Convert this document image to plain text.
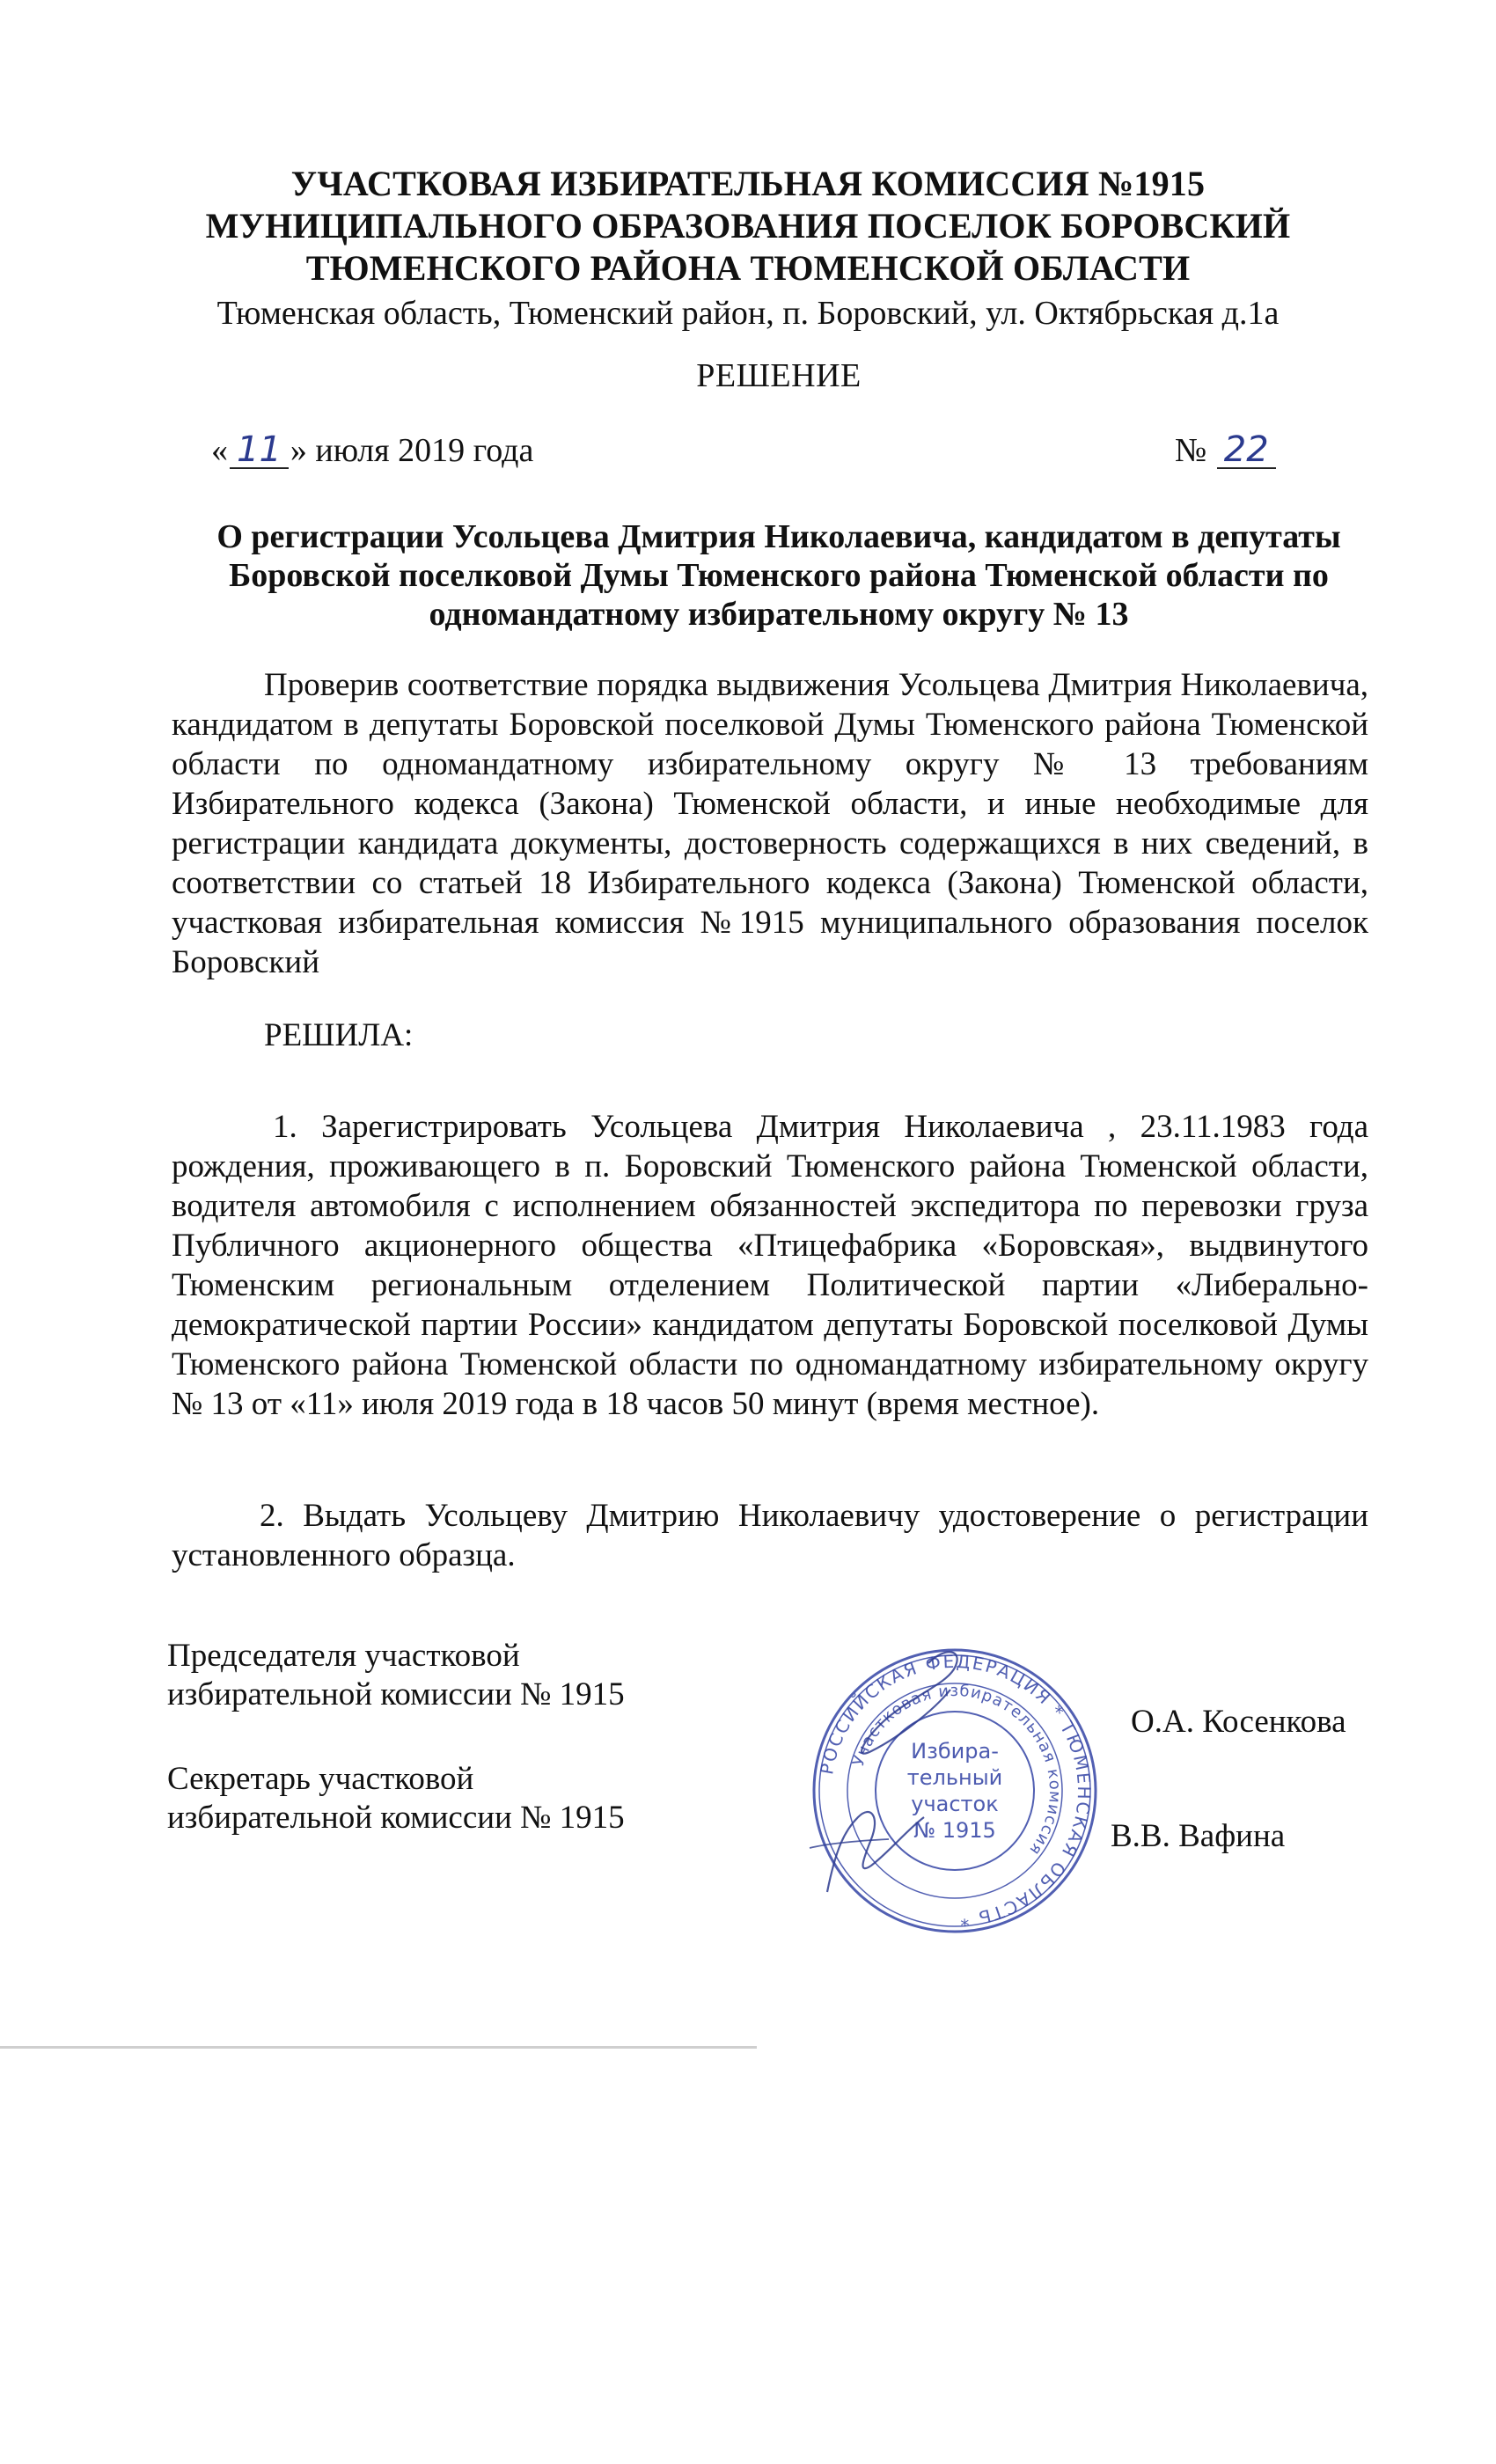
УЧАСТКОВАЯ ИЗБИРАТЕЛЬНАЯ КОМИССИЯ №1915
МУНИЦИПАЛЬНОГО ОБРАЗОВАНИЯ ПОСЕЛОК БОРОВСКИЙ
ТЮМЕНСКОГО РАЙОНА ТЮМЕНСКОЙ ОБЛАСТИ
Тюменская область, Тюменский район, п. Боровский, ул. Октябрьская д.1а
РЕШЕНИЕ
« 11 » июля 2019 года	№ 22
О регистрации Усольцева Дмитрия Николаевича, кандидатом в депутаты Боровской поселковой Думы Тюменского района Тюменской области по одномандатному избирательному округу № 13
Проверив соответствие порядка выдвижения Усольцева Дмитрия Николаевича, кандидатом в депутаты Боровской поселковой Думы Тюменского района Тюменской области по одномандатному избирательному округу № 13 требованиям Избирательного кодекса (Закона) Тюменской области, и иные необходимые для регистрации кандидата документы, достоверность содержащихся в них сведений, в соответствии со статьей 18 Избирательного кодекса (Закона) Тюменской области, участковая избирательная комиссия №1915 муниципального образования поселок Боровский
РЕШИЛА:
1. Зарегистрировать Усольцева Дмитрия Николаевича , 23.11.1983 года рождения, проживающего в п. Боровский Тюменского района Тюменской области, водителя автомобиля с исполнением обязанностей экспедитора по перевозки груза Публичного акционерного общества «Птицефабрика «Боровская», выдвинутого Тюменским региональным отделением Политической партии «Либерально-демократической партии России» кандидатом депутаты Боровской поселковой Думы Тюменского района Тюменской области по одномандатному избирательному округу № 13 от «11» июля 2019 года в 18 часов 50 минут (время местное).
2. Выдать Усольцеву Дмитрию Николаевичу удостоверение о регистрации установленного образца.
Председателя участковой
избирательной комиссии № 1915
О.А. Косенкова
Секретарь участковой
избирательной комиссии № 1915
В.В. Вафина
РОССИЙСКАЯ ФЕДЕРАЦИЯ * ТЮМЕНСКАЯ ОБЛАСТЬ *
Участковая избирательная комиссия
Избира-
тельный
участок
№ 1915
